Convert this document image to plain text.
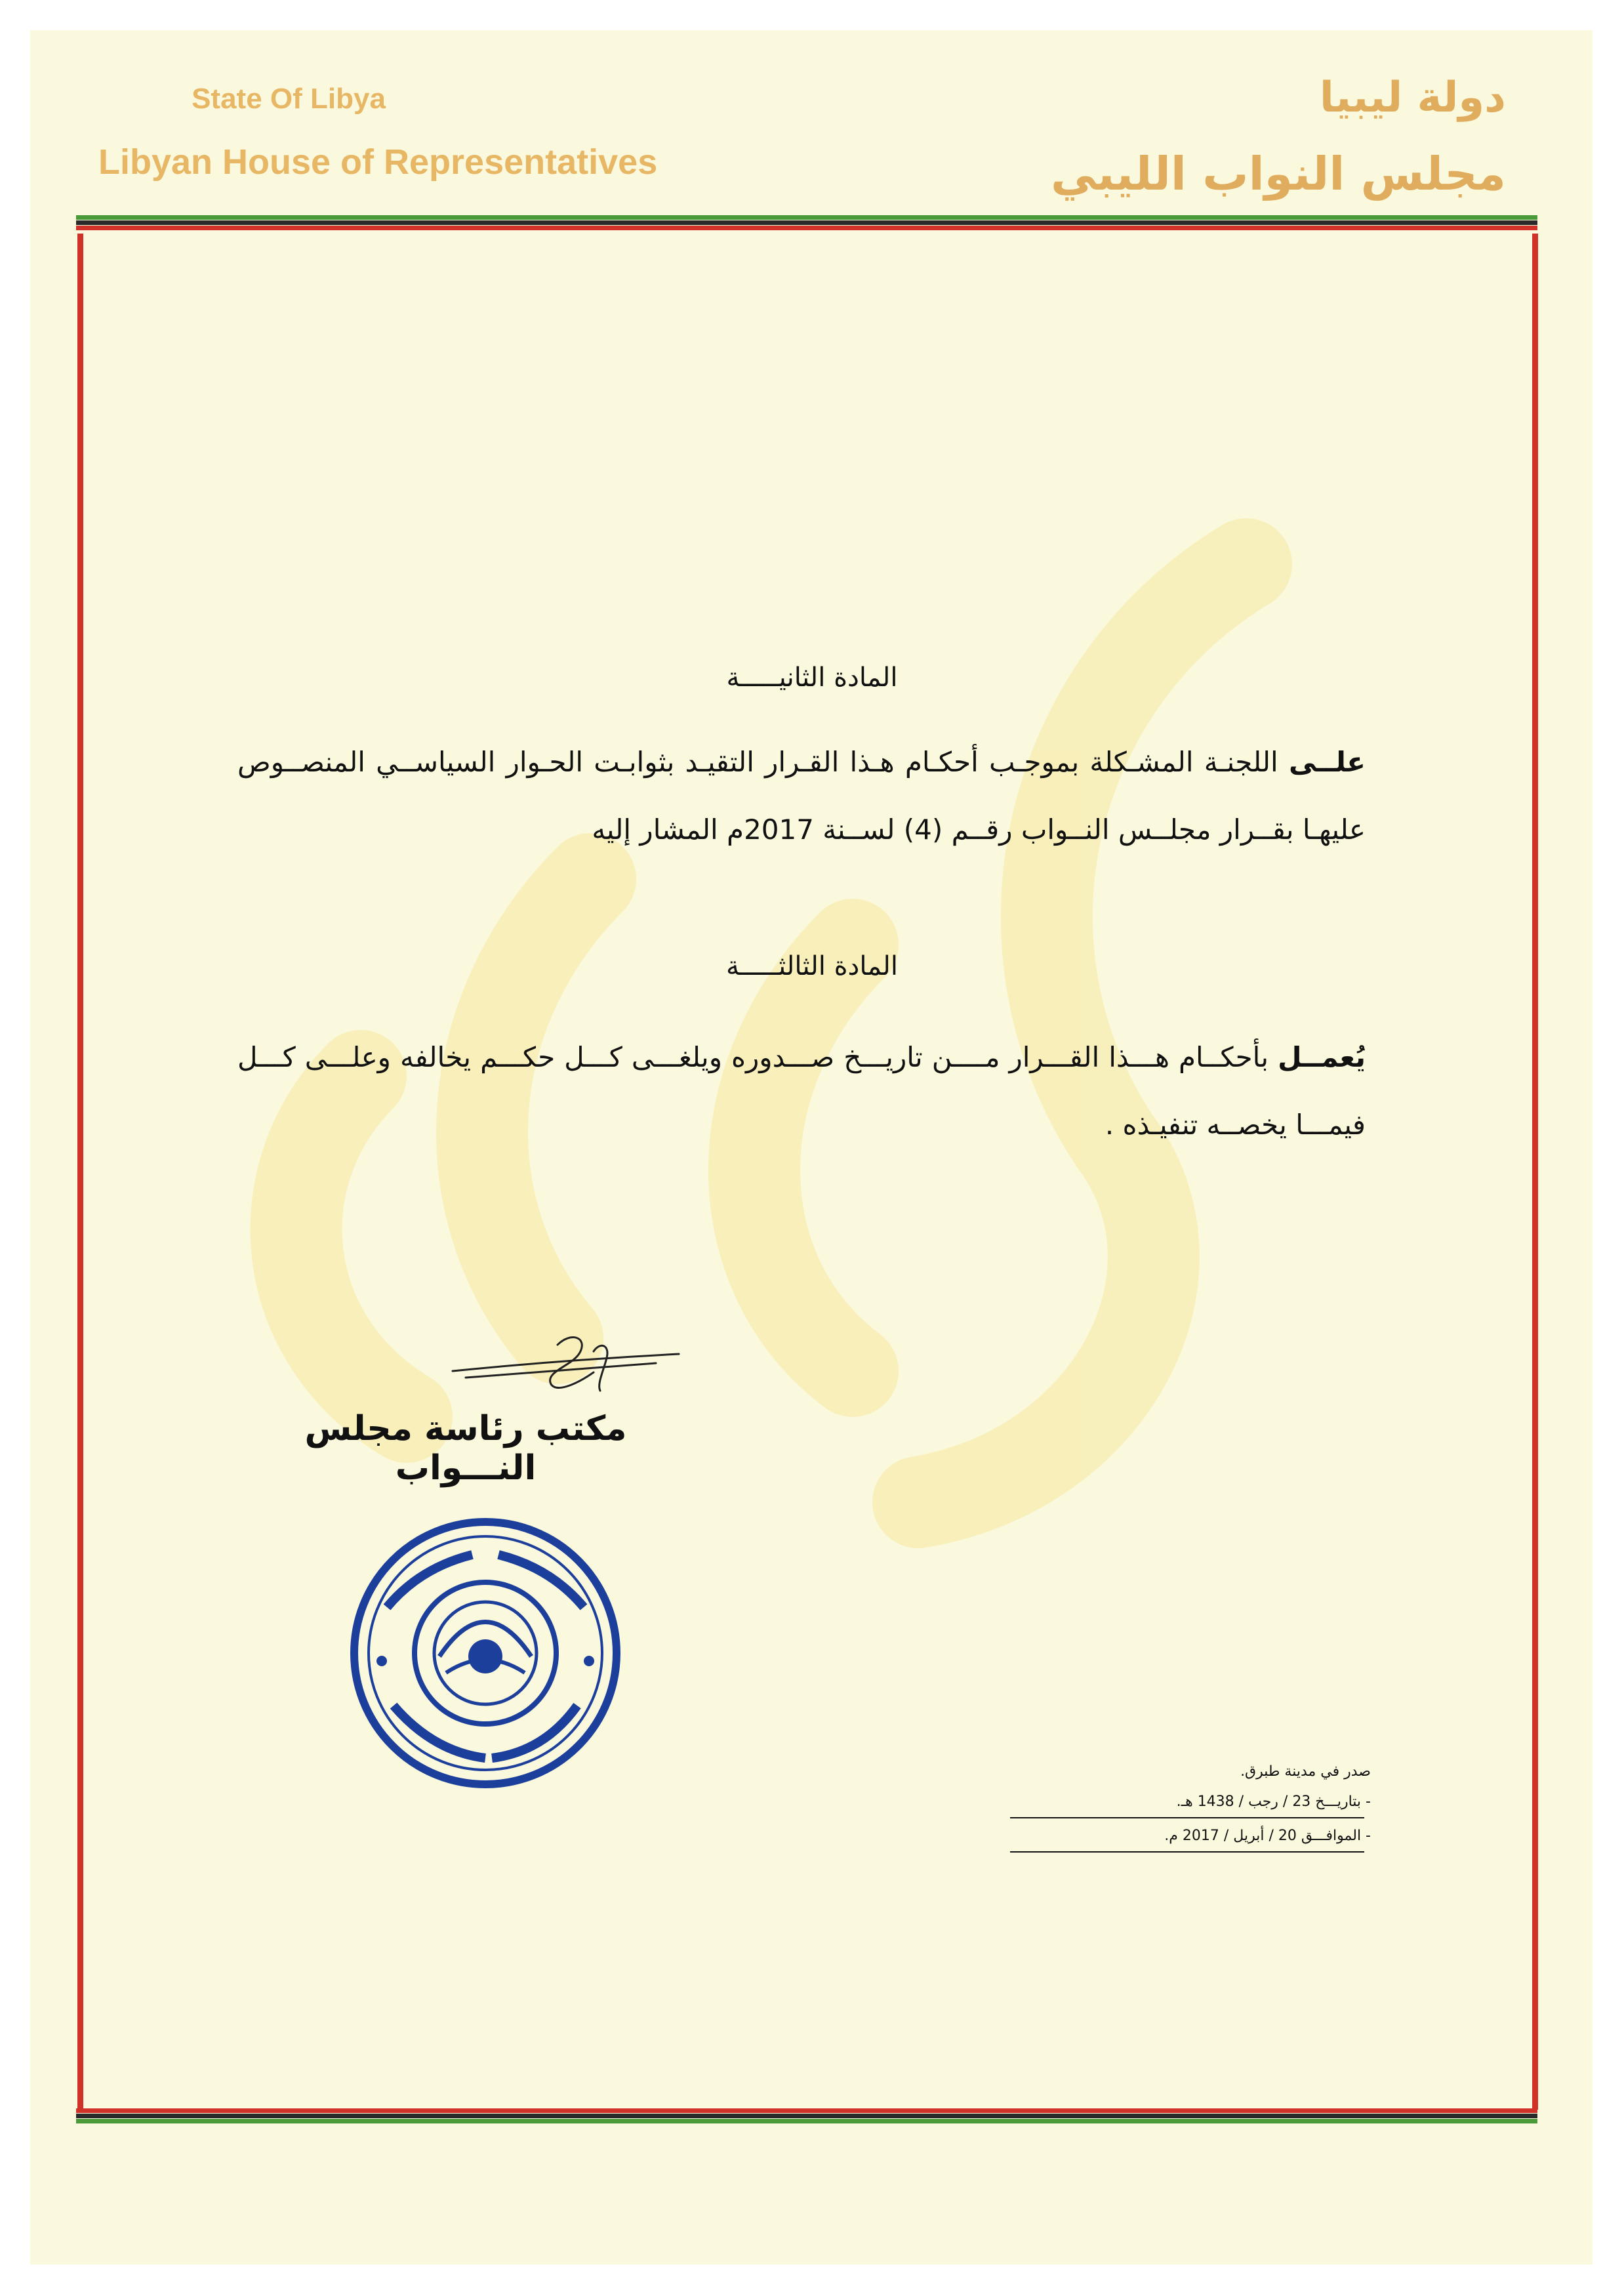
State Of Libya
Libyan House of Representatives
دولة ليبيا
مجلس النواب الليبي
المادة الثانيـــــة
علــى اللجنـة المشـكلة بموجـب أحكـام هـذا القـرار التقيـد بثوابـت الحـوار السياســي المنصــوص عليهـا بقــرار مجلــس النــواب رقــم (4) لســنة 2017م المشار إليه
المادة الثالثـــــة
يُعمــل بأحكــام هـــذا القـــرار مــــن تاريـــخ صـــدوره ويلغـــى كـــل حكـــم يخالفه وعلـــى كـــل فيمـــا يخصــه تنفيـذه .
مكتب رئاسة مجلس النـــواب
صدر في مدينة طبرق.
- بتاريـــخ 23 / رجب / 1438 هـ.
- الموافـــق 20 / أبريل / 2017 م.
